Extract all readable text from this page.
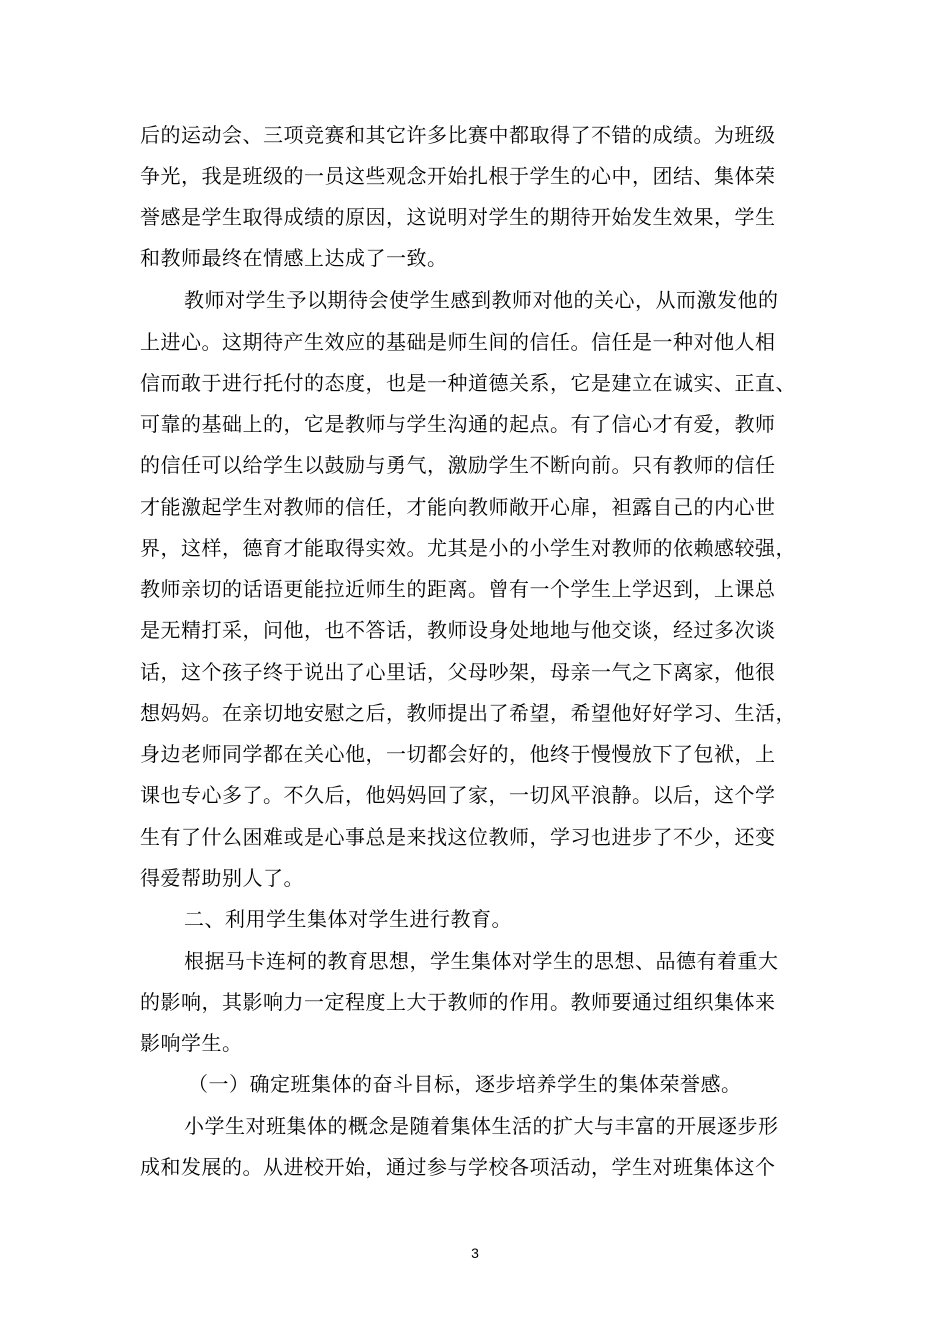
后的运动会、三项竞赛和其它许多比赛中都取得了不错的成绩。为班级
争光，我是班级的一员这些观念开始扎根于学生的心中，团结、集体荣
誉感是学生取得成绩的原因，这说明对学生的期待开始发生效果，学生
和教师最终在情感上达成了一致。
教师对学生予以期待会使学生感到教师对他的关心，从而激发他的
上进心。这期待产生效应的基础是师生间的信任。信任是一种对他人相
信而敢于进行托付的态度，也是一种道德关系，它是建立在诚实、正直、
可靠的基础上的，它是教师与学生沟通的起点。有了信心才有爱，教师
的信任可以给学生以鼓励与勇气，激励学生不断向前。只有教师的信任
才能激起学生对教师的信任，才能向教师敞开心扉，袒露自己的内心世
界，这样，德育才能取得实效。尤其是小的小学生对教师的依赖感较强，
教师亲切的话语更能拉近师生的距离。曾有一个学生上学迟到，上课总
是无精打采，问他，也不答话，教师设身处地地与他交谈，经过多次谈
话，这个孩子终于说出了心里话，父母吵架，母亲一气之下离家，他很
想妈妈。在亲切地安慰之后，教师提出了希望，希望他好好学习、生活，
身边老师同学都在关心他，一切都会好的，他终于慢慢放下了包袱，上
课也专心多了。不久后，他妈妈回了家，一切风平浪静。以后，这个学
生有了什么困难或是心事总是来找这位教师，学习也进步了不少，还变
得爱帮助别人了。
二、利用学生集体对学生进行教育。
根据马卡连柯的教育思想，学生集体对学生的思想、品德有着重大
的影响，其影响力一定程度上大于教师的作用。教师要通过组织集体来
影响学生。
（一）确定班集体的奋斗目标，逐步培养学生的集体荣誉感。
小学生对班集体的概念是随着集体生活的扩大与丰富的开展逐步形
成和发展的。从进校开始，通过参与学校各项活动，学生对班集体这个
3
